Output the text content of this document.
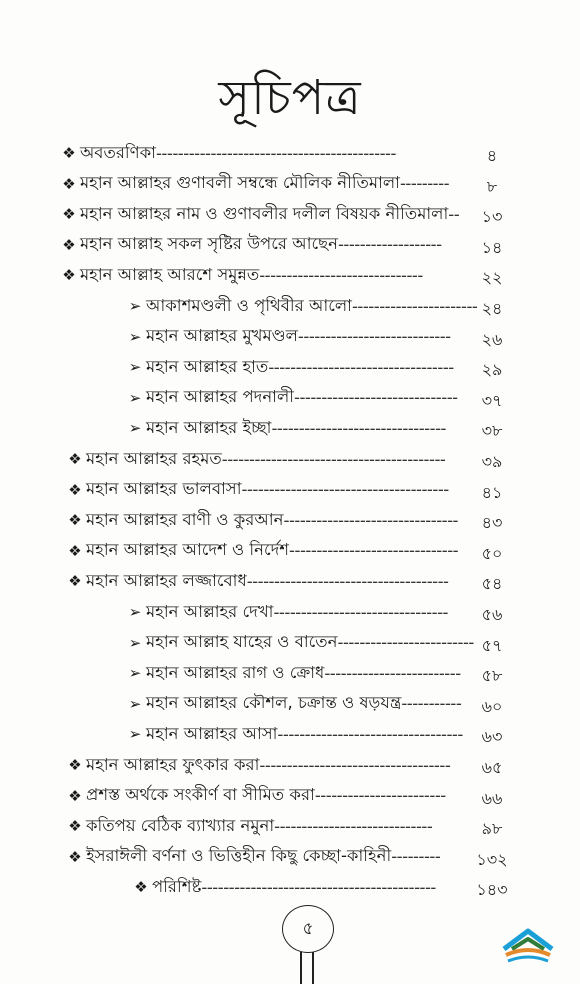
সূচিপত্র
❖ অবতরণিকা --------------------------------------------	৪
❖ মহান আল্লাহর গুণাবলী সম্বন্ধে মৌলিক নীতিমালা ---------	৮
❖ মহান আল্লাহর নাম ও গুণাবলীর দলীল বিষয়ক নীতিমালা --	১৩
❖ মহান আল্লাহ সকল সৃষ্টির উপরে আছেন -------------------	১৪
❖ মহান আল্লাহ আরশে সমুন্নত ------------------------------	২২
➢ আকাশমণ্ডলী ও পৃথিবীর আলো ----------------------- ২৪
➢ মহান আল্লাহর মুখমণ্ডল ----------------------------	২৬
➢ মহান আল্লাহর হাত ----------------------------------	২৯
➢ মহান আল্লাহর পদনালী ------------------------------	৩৭
➢ মহান আল্লাহর ইচ্ছা --------------------------------	৩৮
❖ মহান আল্লাহর রহমত -----------------------------------------	৩৯
❖ মহান আল্লাহর ভালবাসা --------------------------------------	৪১
❖ মহান আল্লাহর বাণী ও কুরআন --------------------------------	৪৩
❖ মহান আল্লাহর আদেশ ও নির্দেশ -------------------------------	৫০
❖ মহান আল্লাহর লজ্জাবোধ -------------------------------------	৫৪
➢ মহান আল্লাহর দেখা --------------------------------	৫৬
➢ মহান আল্লাহ যাহের ও বাতেন ------------------------- ৫৭
➢ মহান আল্লাহর রাগ ও ক্রোধ -------------------------	৫৮
➢ মহান আল্লাহর কৌশল, চক্রান্ত ও ষড়যন্ত্র -----------	৬০
➢ মহান আল্লাহর আসা ----------------------------------	৬৩
❖ মহান আল্লাহর ফুৎকার করা -----------------------------------	৬৫
❖ প্রশস্ত অর্থকে সংকীর্ণ বা সীমিত করা ------------------------	৬৬
❖ কতিপয় বেঠিক ব্যাখ্যার নমুনা -----------------------------	৯৮
❖ ইসরাঈলী বর্ণনা ও ভিত্তিহীন কিছু কেচ্ছা-কাহিনী ---------	১৩২
❖ পরিশিষ্ট -------------------------------------------	১৪৩
৫
